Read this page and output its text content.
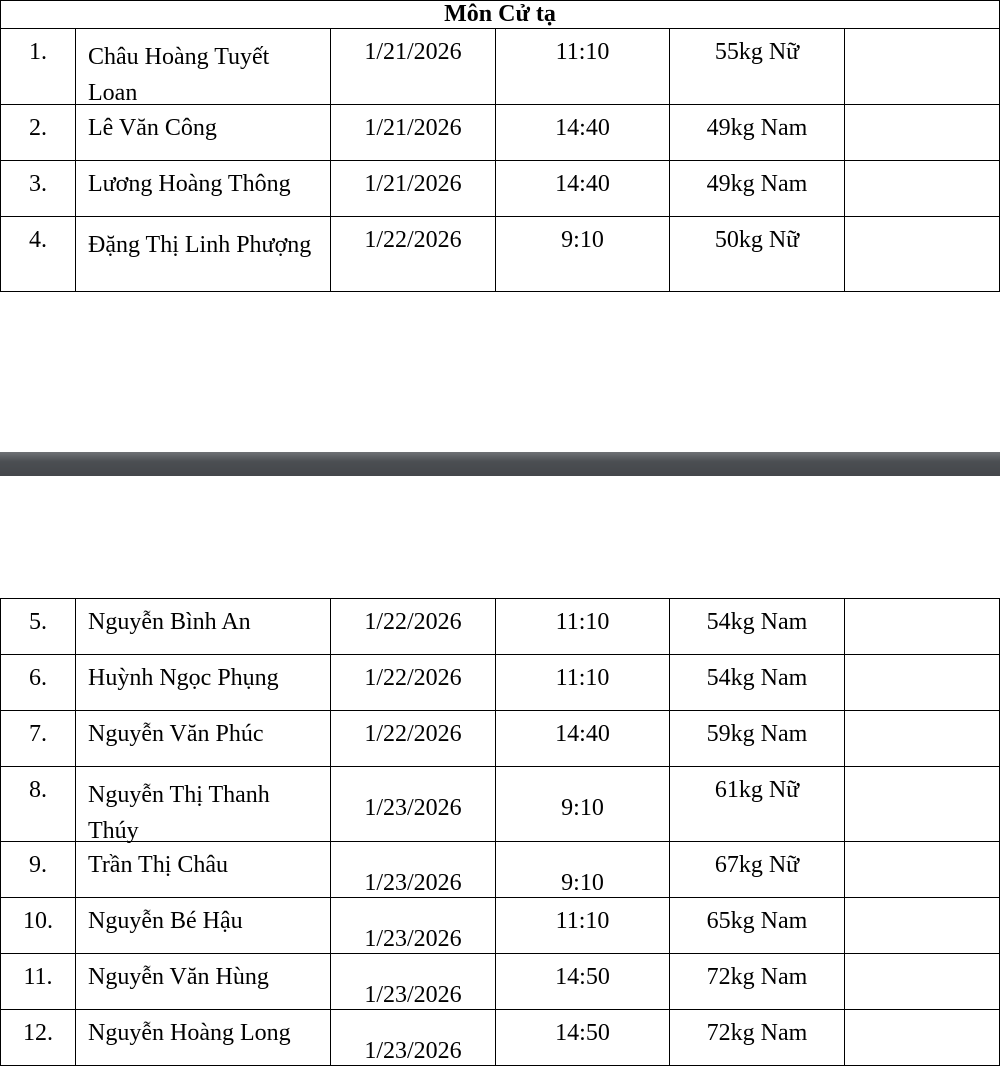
Môn Cử tạ					

1.	Châu Hoàng Tuyết Loan	1/21/2026	11:10	55kg Nữ	

2.	Lê Văn Công	1/21/2026	14:40	49kg Nam	

3.	Lương Hoàng Thông	1/21/2026	14:40	49kg Nam	

4.	Đặng Thị Linh Phượng	1/22/2026	9:10	50kg Nữ	

5.	Nguyễn Bình An	1/22/2026	11:10	54kg Nam	

6.	Huỳnh Ngọc Phụng	1/22/2026	11:10	54kg Nam	

7.	Nguyễn Văn Phúc	1/22/2026	14:40	59kg Nam	

8.	Nguyễn Thị Thanh Thúy	1/23/2026	9:10	61kg Nữ	

9.	Trần Thị Châu	1/23/2026	9:10	67kg Nữ	

10.	Nguyễn Bé Hậu	1/23/2026	11:10	65kg Nam	

11.	Nguyễn Văn Hùng	1/23/2026	14:50	72kg Nam	

12.	Nguyễn Hoàng Long	1/23/2026	14:50	72kg Nam	
